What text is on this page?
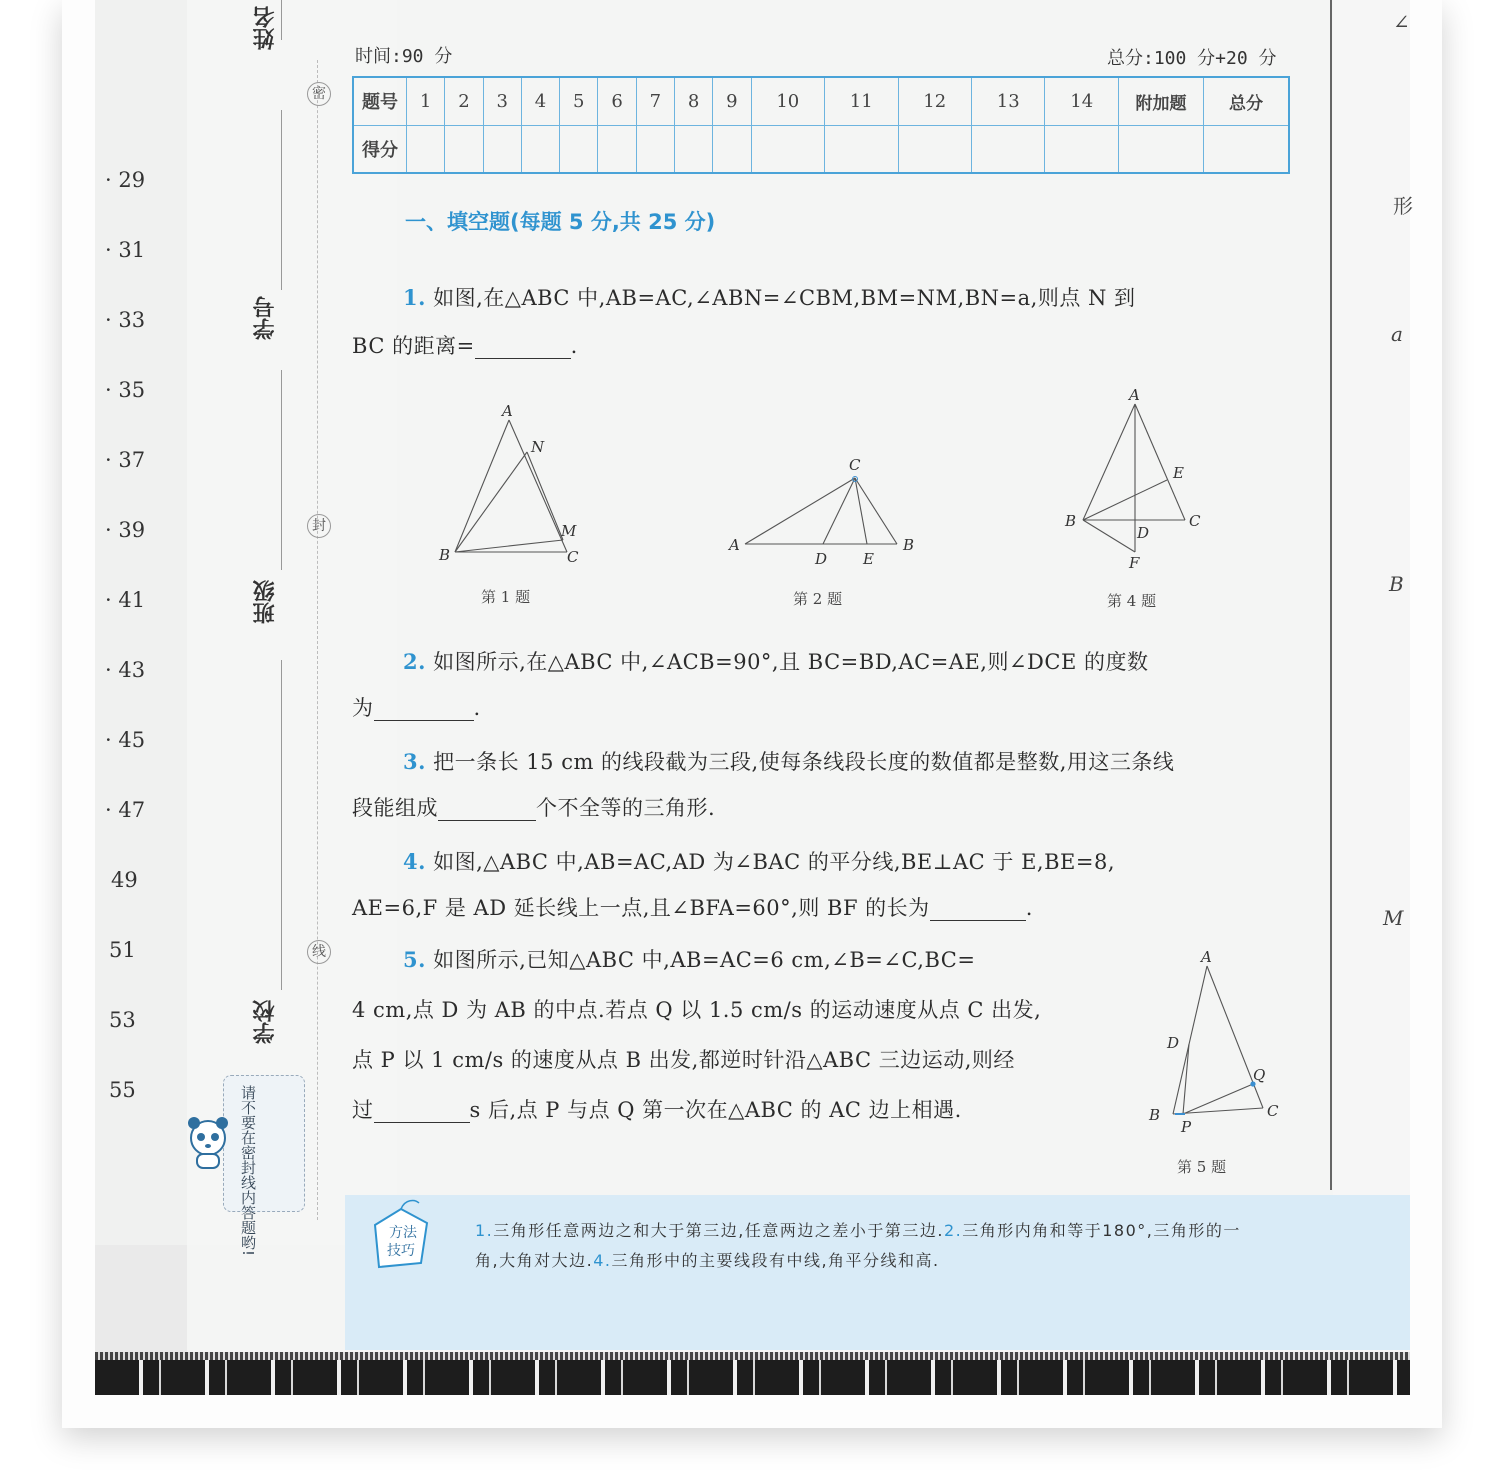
· 29
· 31
· 33
· 35
· 37
· 39
· 41
· 43
· 45
· 47
49
51
53
55
姓名
学号
班级
学校
密
封
线
请不要在密封线内答题哟!
时间:90 分	总分:100 分+20 分
题号	1	2	3	4	5	6	7	8	9	10	11	12	13	14	附加题	总分
得分																
一、填空题(每题 5 分,共 25 分)
1. 如图,在△ABC 中,AB=AC,∠ABN=∠CBM,BM=NM,BN=a,则点 N 到
BC 的距离=	.
A
N
M
B	C
第 1 题
C
A
D E
B
第 2 题
A
E
B
D
C
F
第 4 题
2. 如图所示,在△ABC 中,∠ACB=90°,且 BC=BD,AC=AE,则∠DCE 的度数
为	.
3. 把一条长 15 cm 的线段截为三段,使每条线段长度的数值都是整数,用这三条线
段能组成	个不全等的三角形.
4. 如图,△ABC 中,AB=AC,AD 为∠BAC 的平分线,BE⊥AC 于 E,BE=8,
AE=6,F 是 AD 延长线上一点,且∠BFA=60°,则 BF 的长为	.
5. 如图所示,已知△ABC 中,AB=AC=6 cm,∠B=∠C,BC=
4 cm,点 D 为 AB 的中点.若点 Q 以 1.5 cm/s 的运动速度从点 C 出发,
点 P 以 1 cm/s 的速度从点 B 出发,都逆时针沿△ABC 三边运动,则经
过	s 后,点 P 与点 Q 第一次在△ABC 的 AC 边上相遇.
A
D
Q
B
P
C
第 5 题
∠
形
a
B
M
方法
技巧
1.三角形任意两边之和大于第三边,任意两边之差小于第三边.2.三角形内角和等于180°,三角形的一
角,大角对大边.4.三角形中的主要线段有中线,角平分线和高.
